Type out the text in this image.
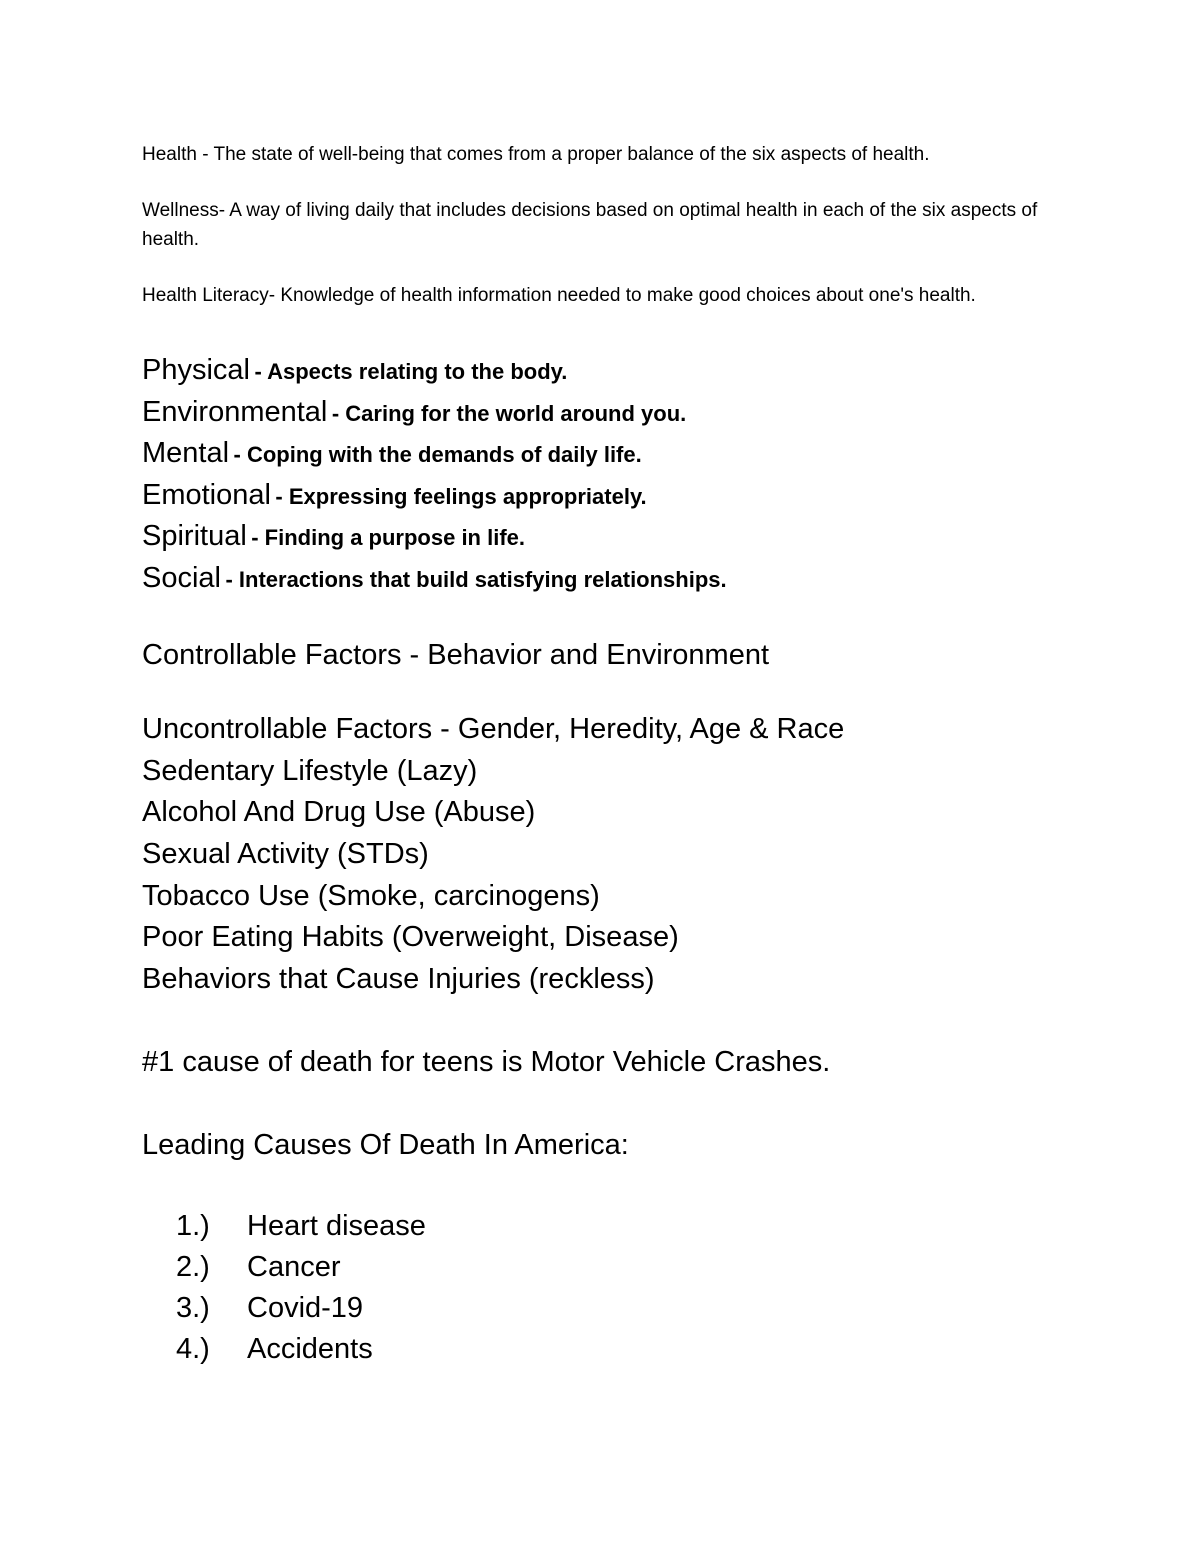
Health - The state of well-being that comes from a proper balance of the six aspects of health.

Wellness- A way of living daily that includes decisions based on optimal health in each of the six aspects of health.

Health Literacy- Knowledge of health information needed to make good choices about one's health.

Physical - Aspects relating to the body.
Environmental - Caring for the world around you.
Mental - Coping with the demands of daily life.
Emotional - Expressing feelings appropriately.
Spiritual - Finding a purpose in life.
Social - Interactions that build satisfying relationships.
Controllable Factors - Behavior and Environment
Uncontrollable Factors - Gender, Heredity, Age & Race
Sedentary Lifestyle (Lazy)
Alcohol And Drug Use (Abuse)
Sexual Activity (STDs)
Tobacco Use (Smoke, carcinogens)
Poor Eating Habits (Overweight, Disease)
Behaviors that Cause Injuries (reckless)
#1 cause of death for teens is Motor Vehicle Crashes.
Leading Causes Of Death In America:
1.)	Heart disease
2.)	Cancer
3.)	Covid-19
4.)	Accidents
